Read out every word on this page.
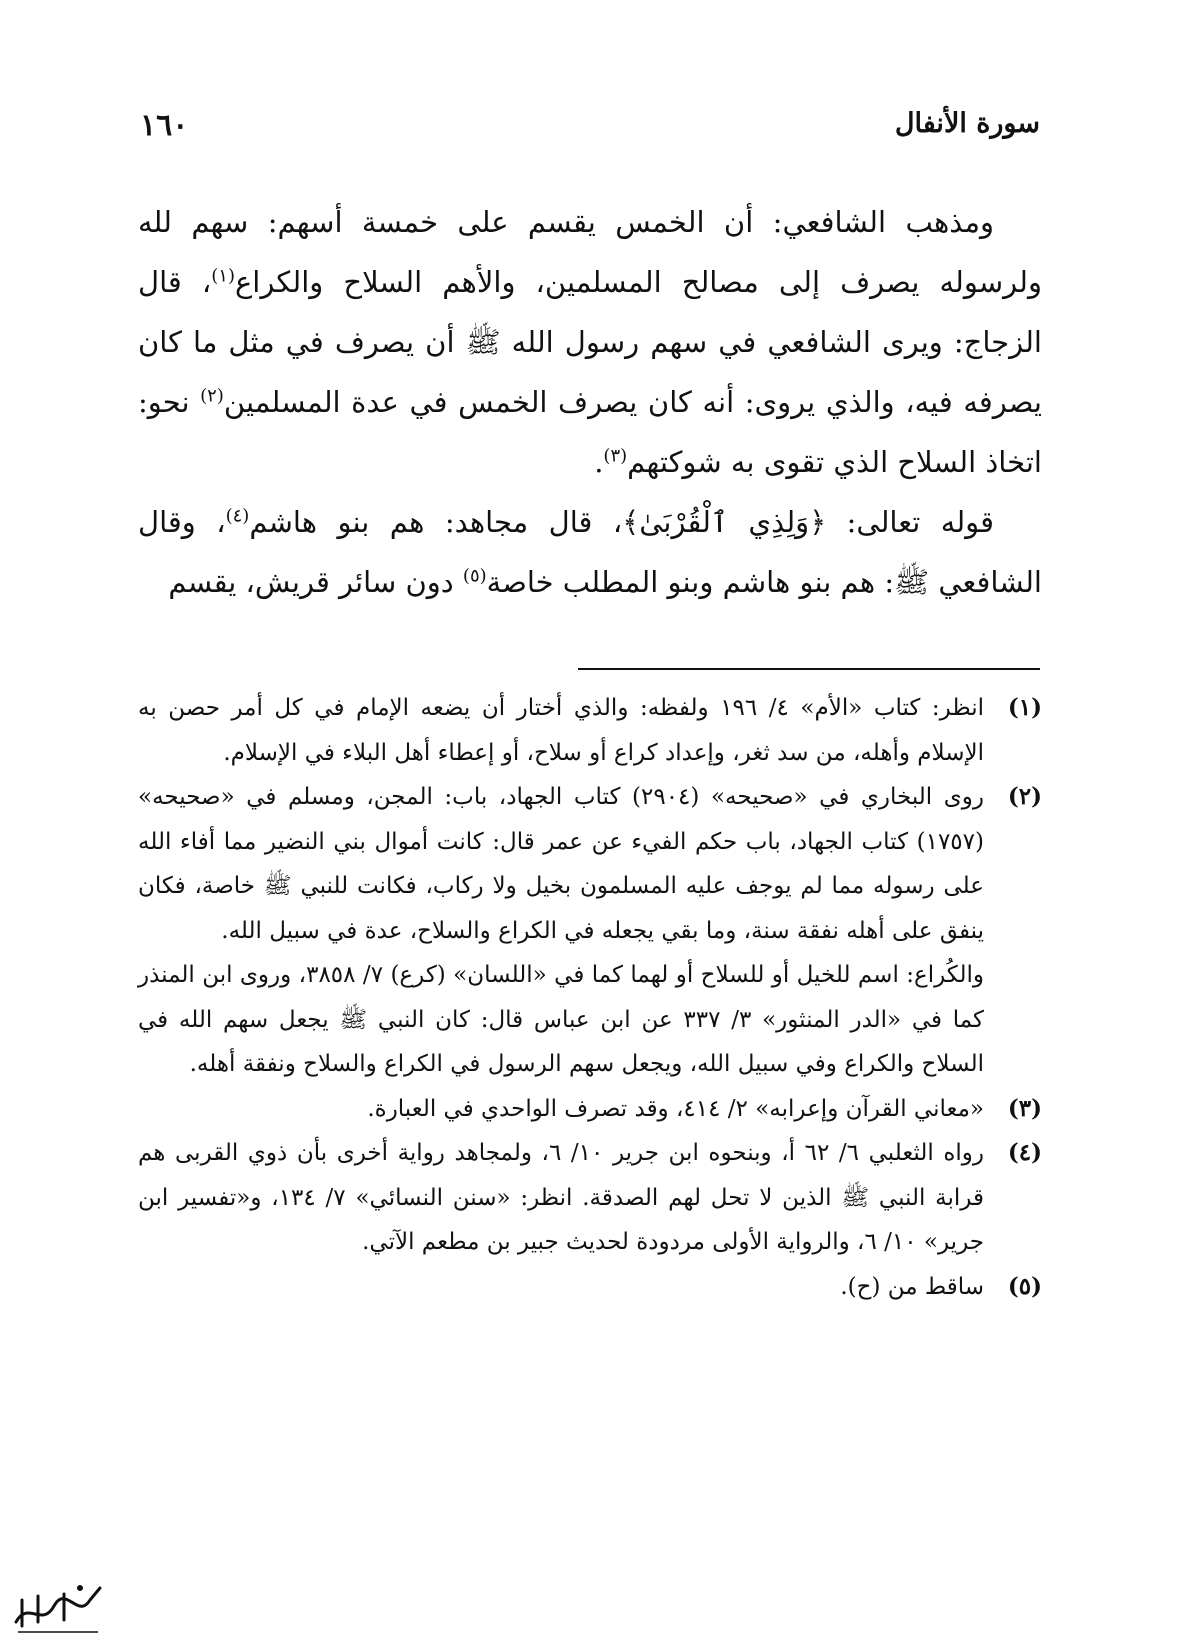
سورة الأنفال
١٦٠

ومذهب الشافعي: أن الخمس يقسم على خمسة أسهم: سهم لله ولرسوله يصرف إلى مصالح المسلمين، والأهم السلاح والكراع$^{(١)}$، قال الزجاج: ويرى الشافعي في سهم رسول الله ﷺ أن يصرف في مثل ما كان يصرفه فيه، والذي يروى: أنه كان يصرف الخمس في عدة المسلمين$^{(٢)}$ نحو: اتخاذ السلاح الذي تقوى به شوكتهم$^{(٣)}$.

قوله تعالى: ﴿وَلِذِي ٱلْقُرْبَىٰ﴾، قال مجاهد: هم بنو هاشم$^{(٤)}$، وقال الشافعي ﷺ: هم بنو هاشم وبنو المطلب خاصة$^{(٥)}$ دون سائر قريش، يقسم

(١)
انظر: كتاب «الأم» ٤/ ١٩٦ ولفظه: والذي أختار أن يضعه الإمام في كل أمر حصن به الإسلام وأهله، من سد ثغر، وإعداد كراع أو سلاح، أو إعطاء أهل البلاء في الإسلام.
(٢)
روى البخاري في «صحيحه» (٢٩٠٤) كتاب الجهاد، باب: المجن، ومسلم في «صحيحه» (١٧٥٧) كتاب الجهاد، باب حكم الفيء عن عمر قال: كانت أموال بني النضير مما أفاء الله على رسوله مما لم يوجف عليه المسلمون بخيل ولا ركاب، فكانت للنبي ﷺ خاصة، فكان ينفق على أهله نفقة سنة، وما بقي يجعله في الكراع والسلاح، عدة في سبيل الله.
والكُراع: اسم للخيل أو للسلاح أو لهما كما في «اللسان» (كرع) ٧/ ٣٨٥٨، وروى ابن المنذر كما في «الدر المنثور» ٣/ ٣٣٧ عن ابن عباس قال: كان النبي ﷺ يجعل سهم الله في السلاح والكراع وفي سبيل الله، ويجعل سهم الرسول في الكراع والسلاح ونفقة أهله.
(٣)
«معاني القرآن وإعرابه» ٢/ ٤١٤، وقد تصرف الواحدي في العبارة.
(٤)
رواه الثعلبي ٦/ ٦٢ أ، وبنحوه ابن جرير ١٠/ ٦، ولمجاهد رواية أخرى بأن ذوي القربى هم قرابة النبي ﷺ الذين لا تحل لهم الصدقة. انظر: «سنن النسائي» ٧/ ١٣٤، و«تفسير ابن جرير» ١٠/ ٦، والرواية الأولى مردودة لحديث جبير بن مطعم الآتي.
(٥)
ساقط من (ح).
